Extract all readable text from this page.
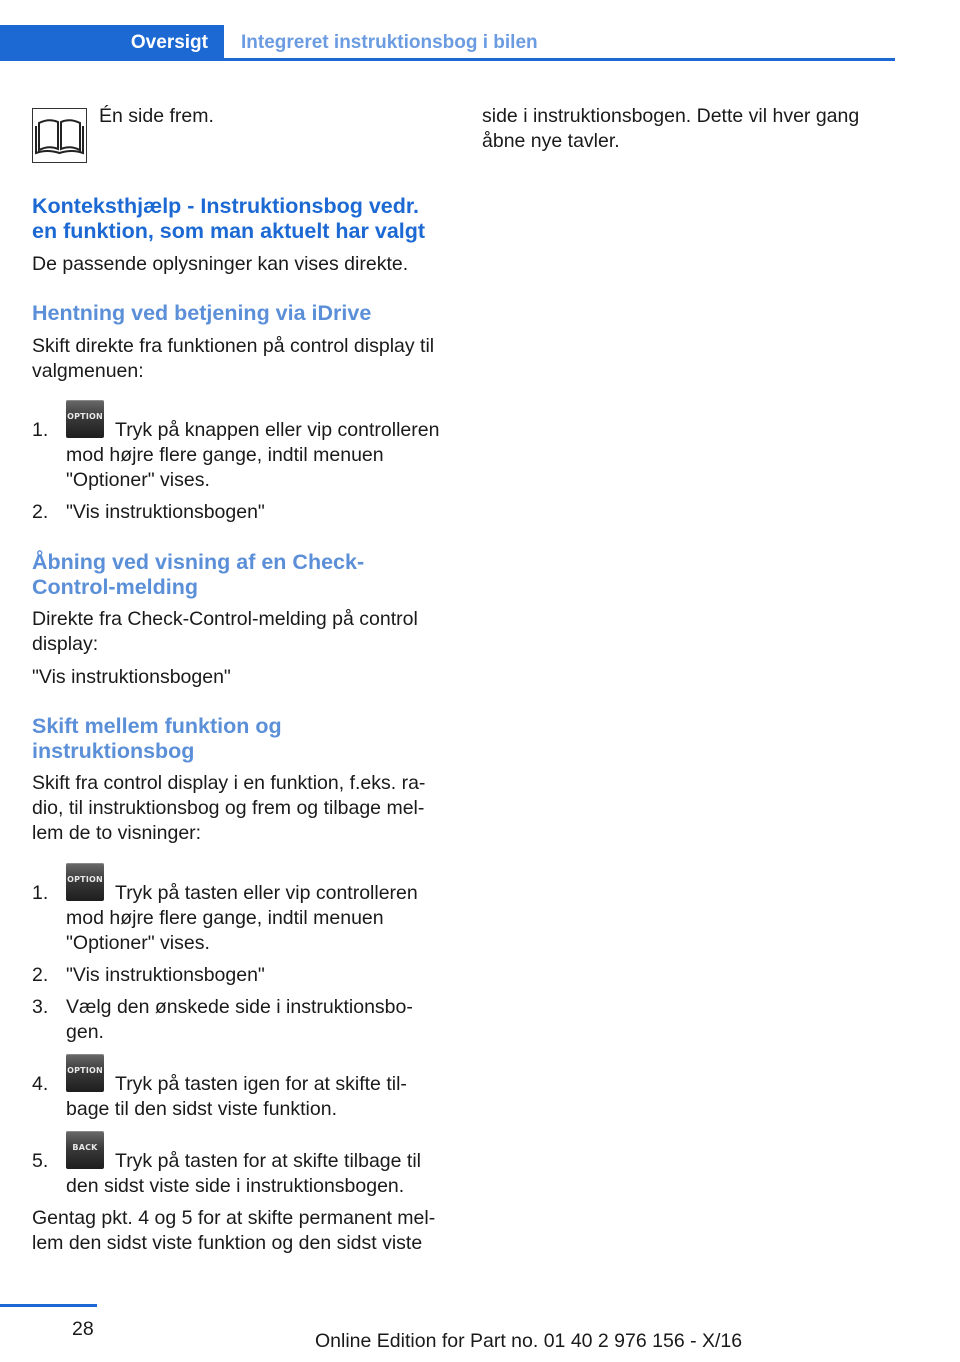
Oversigt Integreret instruktionsbog i bilen
Én side frem.
Konteksthjælp - Instruktionsbog vedr.
en funktion, som man aktuelt har valgt
De passende oplysninger kan vises direkte.
Hentning ved betjening via iDrive
Skift direkte fra funktionen på control display til
valgmenuen:
1.
OPTION
Tryk på knappen eller vip controlleren
mod højre flere gange, indtil menuen
"Optioner" vises.
2. "Vis instruktionsbogen"
Åbning ved visning af en Check-
Control-melding
Direkte fra Check-Control-melding på control
display:
"Vis instruktionsbogen"
Skift mellem funktion og
instruktionsbog
Skift fra control display i en funktion, f.eks. ra‐
dio, til instruktionsbog og frem og tilbage mel‐
lem de to visninger:
1.
OPTION
Tryk på tasten eller vip controlleren
mod højre flere gange, indtil menuen
"Optioner" vises.
2. "Vis instruktionsbogen"
3. Vælg den ønskede side i instruktionsbo‐
gen.
4.
OPTION
Tryk på tasten igen for at skifte til‐
bage til den sidst viste funktion.
5.
BACK
Tryk på tasten for at skifte tilbage til
den sidst viste side i instruktionsbogen.
Gentag pkt. 4 og 5 for at skifte permanent mel‐
lem den sidst viste funktion og den sidst viste
side i instruktionsbogen. Dette vil hver gang
åbne nye tavler.
28
Online Edition for Part no. 01 40 2 976 156 - X/16
